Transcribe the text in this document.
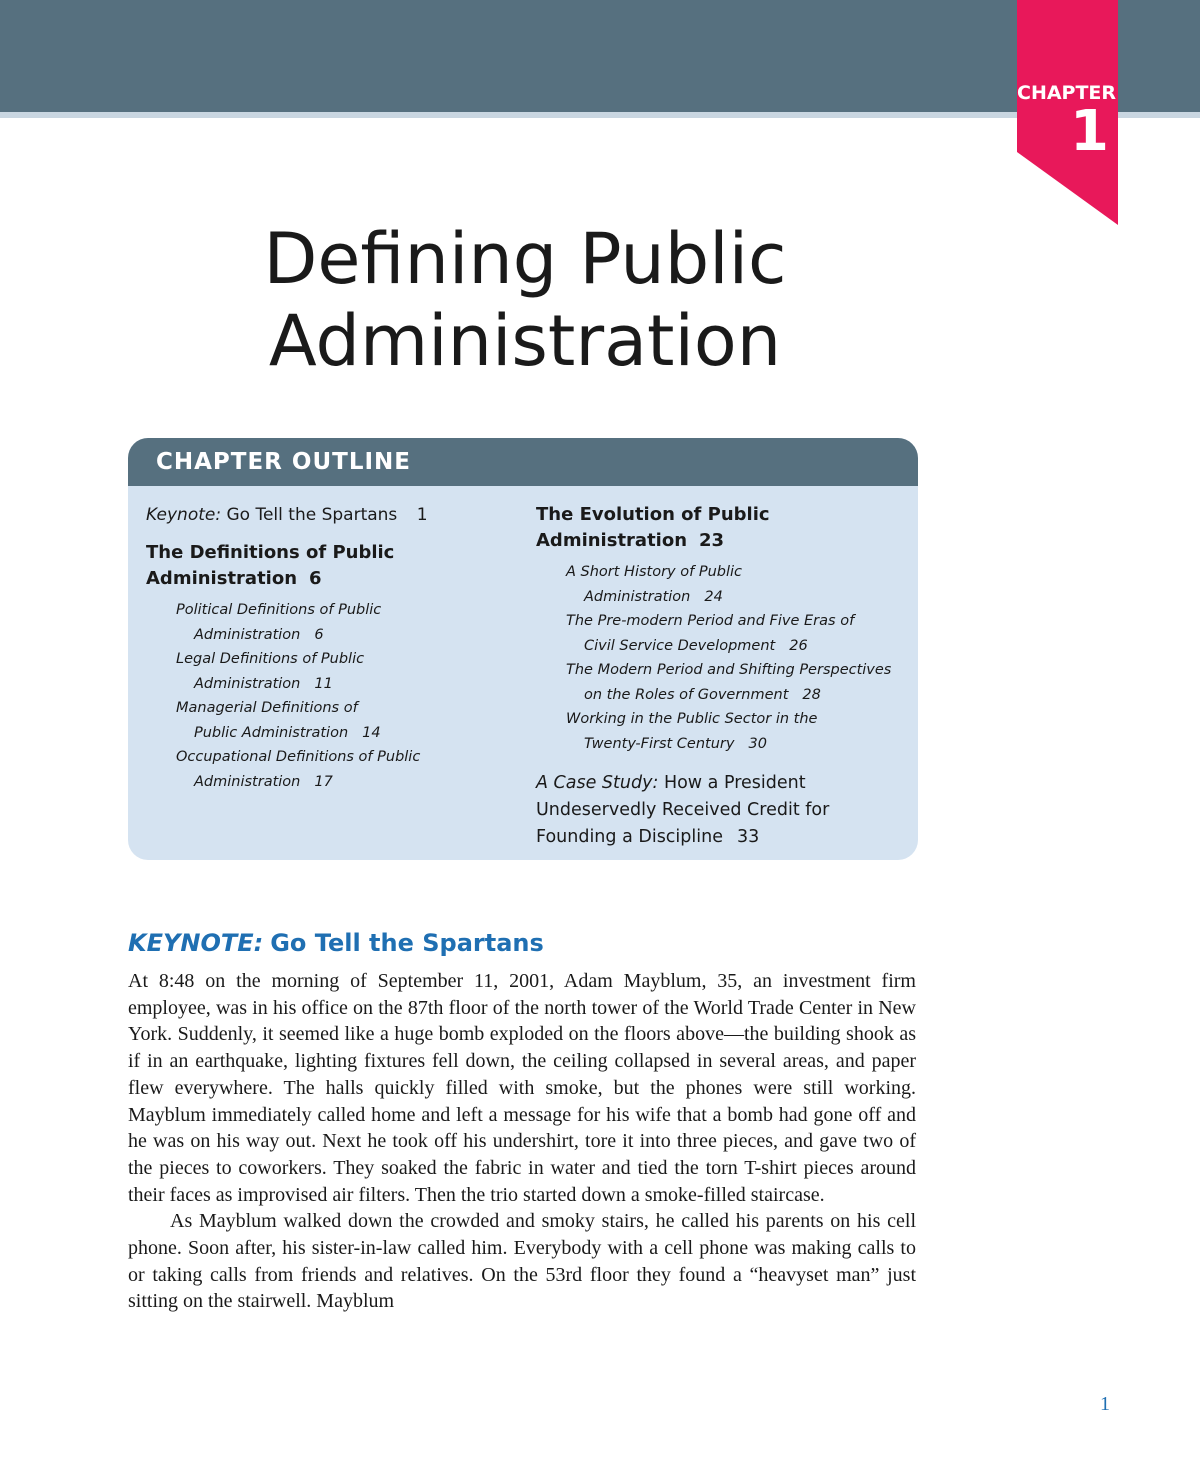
CHAPTER
1
Defining Public
Administration
CHAPTER OUTLINE
Keynote: Go Tell the Spartans 1
The Definitions of Public
Administration 6
Political Definitions of Public
Administration 6
Legal Definitions of Public
Administration 11
Managerial Definitions of
Public Administration 14
Occupational Definitions of Public
Administration 17
The Evolution of Public
Administration 23
A Short History of Public
Administration 24
The Pre-modern Period and Five Eras of
Civil Service Development 26
The Modern Period and Shifting Perspectives
on the Roles of Government 28
Working in the Public Sector in the
Twenty-First Century 30
A Case Study: How a President
Undeservedly Received Credit for
Founding a Discipline 33
KEYNOTE: Go Tell the Spartans

At 8:48 on the morning of September 11, 2001, Adam Mayblum, 35, an investment firm employee, was in his office on the 87th floor of the north tower of the World Trade Center in New York. Suddenly, it seemed like a huge bomb exploded on the floors above—the building shook as if in an earthquake, lighting fixtures fell down, the ceiling collapsed in several areas, and paper flew everywhere. The halls quickly filled with smoke, but the phones were still working. Mayblum immediately called home and left a message for his wife that a bomb had gone off and he was on his way out. Next he took off his undershirt, tore it into three pieces, and gave two of the pieces to coworkers. They soaked the fabric in water and tied the torn T-shirt pieces around their faces as improvised air filters. Then the trio started down a smoke-filled staircase.

As Mayblum walked down the crowded and smoky stairs, he called his parents on his cell phone. Soon after, his sister-in-law called him. Everybody with a cell phone was making calls to or taking calls from friends and relatives. On the 53rd floor they found a “heavyset man” just sitting on the stairwell. Mayblum

1
